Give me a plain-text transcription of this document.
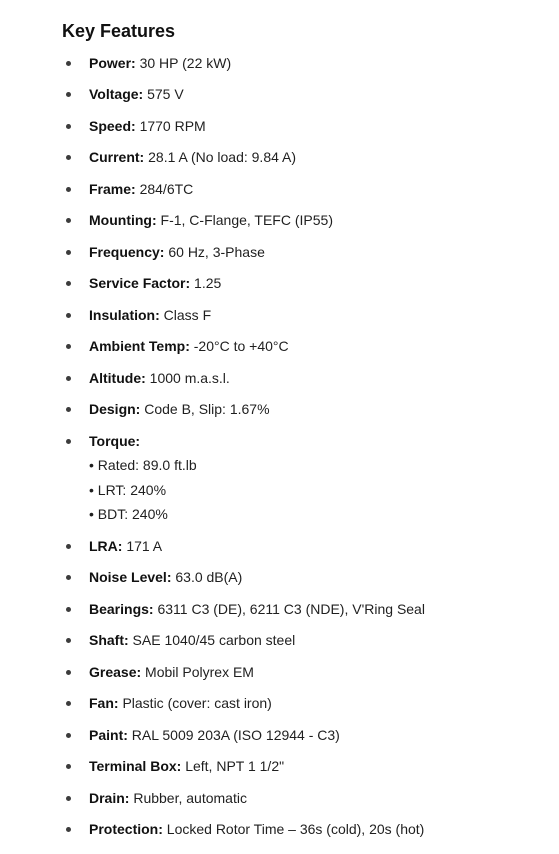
Key Features
Power: 30 HP (22 kW)
Voltage: 575 V
Speed: 1770 RPM
Current: 28.1 A (No load: 9.84 A)
Frame: 284/6TC
Mounting: F-1, C-Flange, TEFC (IP55)
Frequency: 60 Hz, 3-Phase
Service Factor: 1.25
Insulation: Class F
Ambient Temp: -20°C to +40°C
Altitude: 1000 m.a.s.l.
Design: Code B, Slip: 1.67%
Torque:
• Rated: 89.0 ft.lb
• LRT: 240%
• BDT: 240%
LRA: 171 A
Noise Level: 63.0 dB(A)
Bearings: 6311 C3 (DE), 6211 C3 (NDE), V'Ring Seal
Shaft: SAE 1040/45 carbon steel
Grease: Mobil Polyrex EM
Fan: Plastic (cover: cast iron)
Paint: RAL 5009 203A (ISO 12944 - C3)
Terminal Box: Left, NPT 1 1/2"
Drain: Rubber, automatic
Protection: Locked Rotor Time – 36s (cold), 20s (hot)
